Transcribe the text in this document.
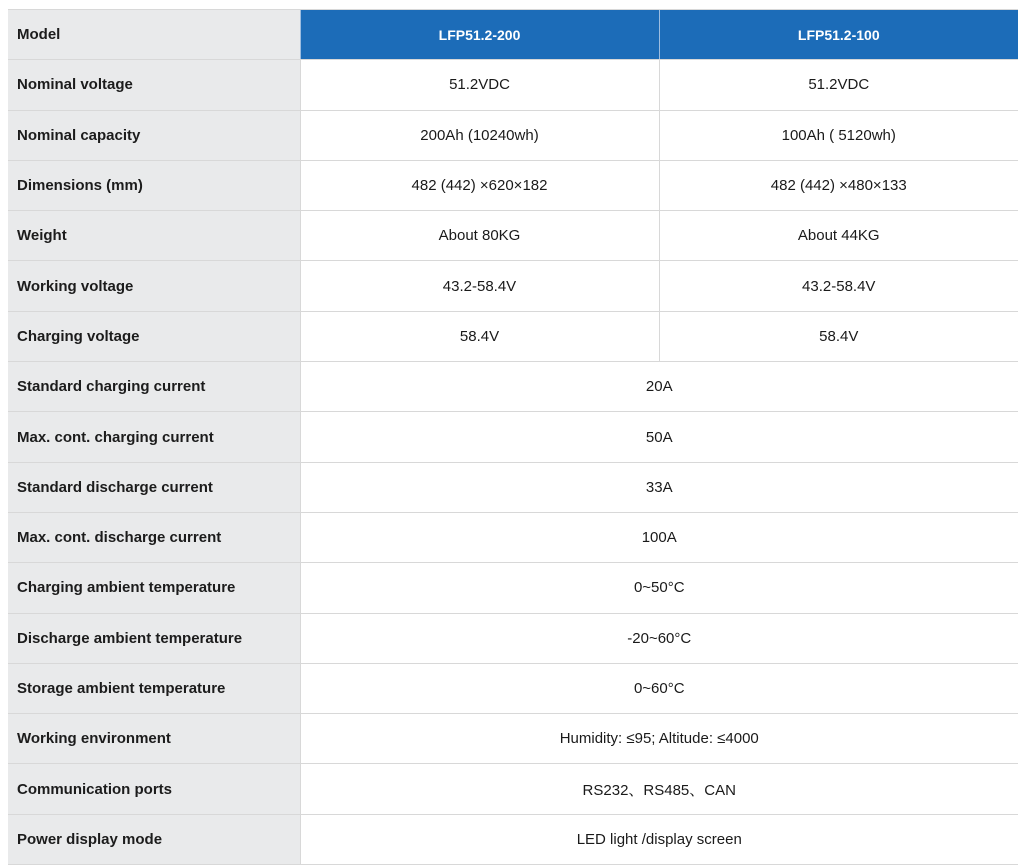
Model	LFP51.2-200	LFP51.2-100
Nominal voltage	51.2VDC	51.2VDC
Nominal capacity	200Ah (10240wh)	100Ah ( 5120wh)
Dimensions (mm)	482 (442) ×620×182	482 (442) ×480×133
Weight	About 80KG	About 44KG
Working voltage	43.2-58.4V	43.2-58.4V
Charging voltage	58.4V	58.4V
Standard charging current	20A	
Max. cont. charging current	50A	
Standard discharge current	33A	
Max. cont. discharge current	100A	
Charging ambient temperature	0~50°C	
Discharge ambient temperature	-20~60°C	
Storage ambient temperature	0~60°C	
Working environment	Humidity: ≤95; Altitude: ≤4000	
Communication ports	RS232、RS485、CAN	
Power display mode	LED light /display screen	
